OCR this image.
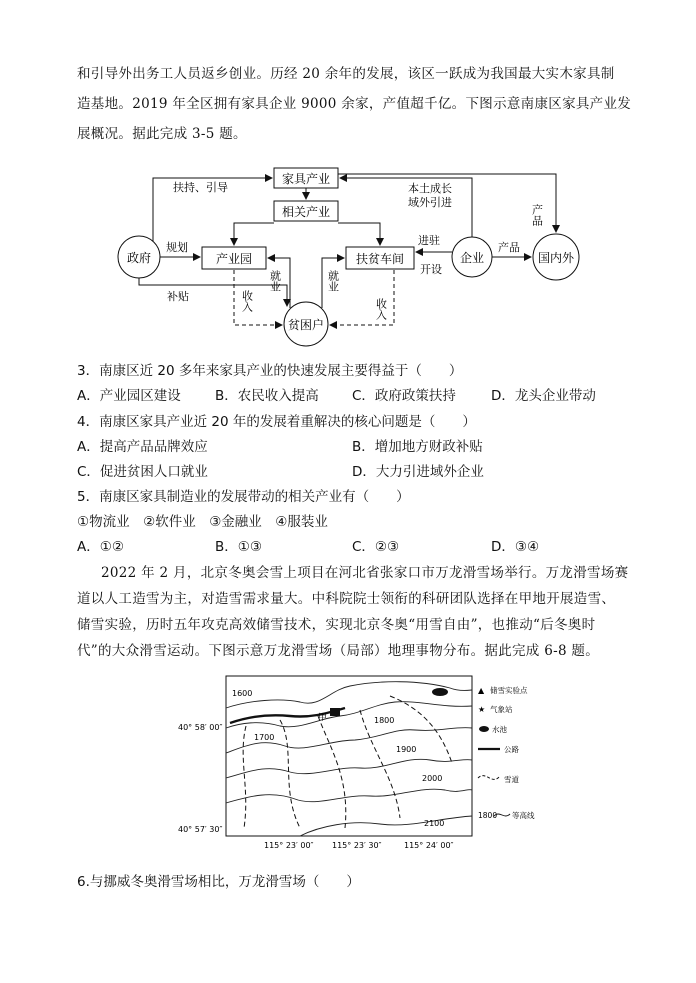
和引导外出务工人员返乡创业。历经 20 余年的发展，该区一跃成为我国最大实木家具制
造基地。2019 年全区拥有家具企业 9000 余家，产值超千亿。下图示意南康区家具产业发
展概况。据此完成 3-5 题。
家具产业
相关产业
产业园	扶贫车间
政府	企业	国内外
贫困户
扶持、引导	本土成长
域外引进
产品
规划
进驻
开设
产品
就业	就业
补贴	收入	收入
3．南康区近 20 多年来家具产业的快速发展主要得益于（　　）
A．产业园区建设	B．农民收入提高 C．政府政策扶持	D．龙头企业带动
4．南康区家具产业近 20 年的发展着重解决的核心问题是（　　）
A．提高产品品牌效应	B．增加地方财政补贴
C．促进贫困人口就业	D．大力引进域外企业
5．南康区家具制造业的发展带动的相关产业有（　　）
①物流业　②软件业　③金融业　④服装业
A．①②	B．①③	C．②③	D．③④
2022 年 2 月，北京冬奥会雪上项目在河北省张家口市万龙滑雪场举行。万龙滑雪场赛
道以人工造雪为主，对造雪需求量大。中科院院士领衔的科研团队选择在甲地开展造雪、
储雪实验，历时五年攻克高效储雪技术，实现北京冬奥“用雪自由”，也推动“后冬奥时
代”的大众滑雪运动。下图示意万龙滑雪场（局部）地理事物分布。据此完成 6-8 题。
甲
1600
1700
1800
1900
2000
2100
40° 58′ 00″
40° 57′ 30″
115° 23′ 00″ 115° 23′ 30″	115° 24′ 00″
▲ 储雪实验点
★ 气象站
水池
公路
雪道
1800 等高线
6.与挪威冬奥滑雪场相比，万龙滑雪场（　　）
